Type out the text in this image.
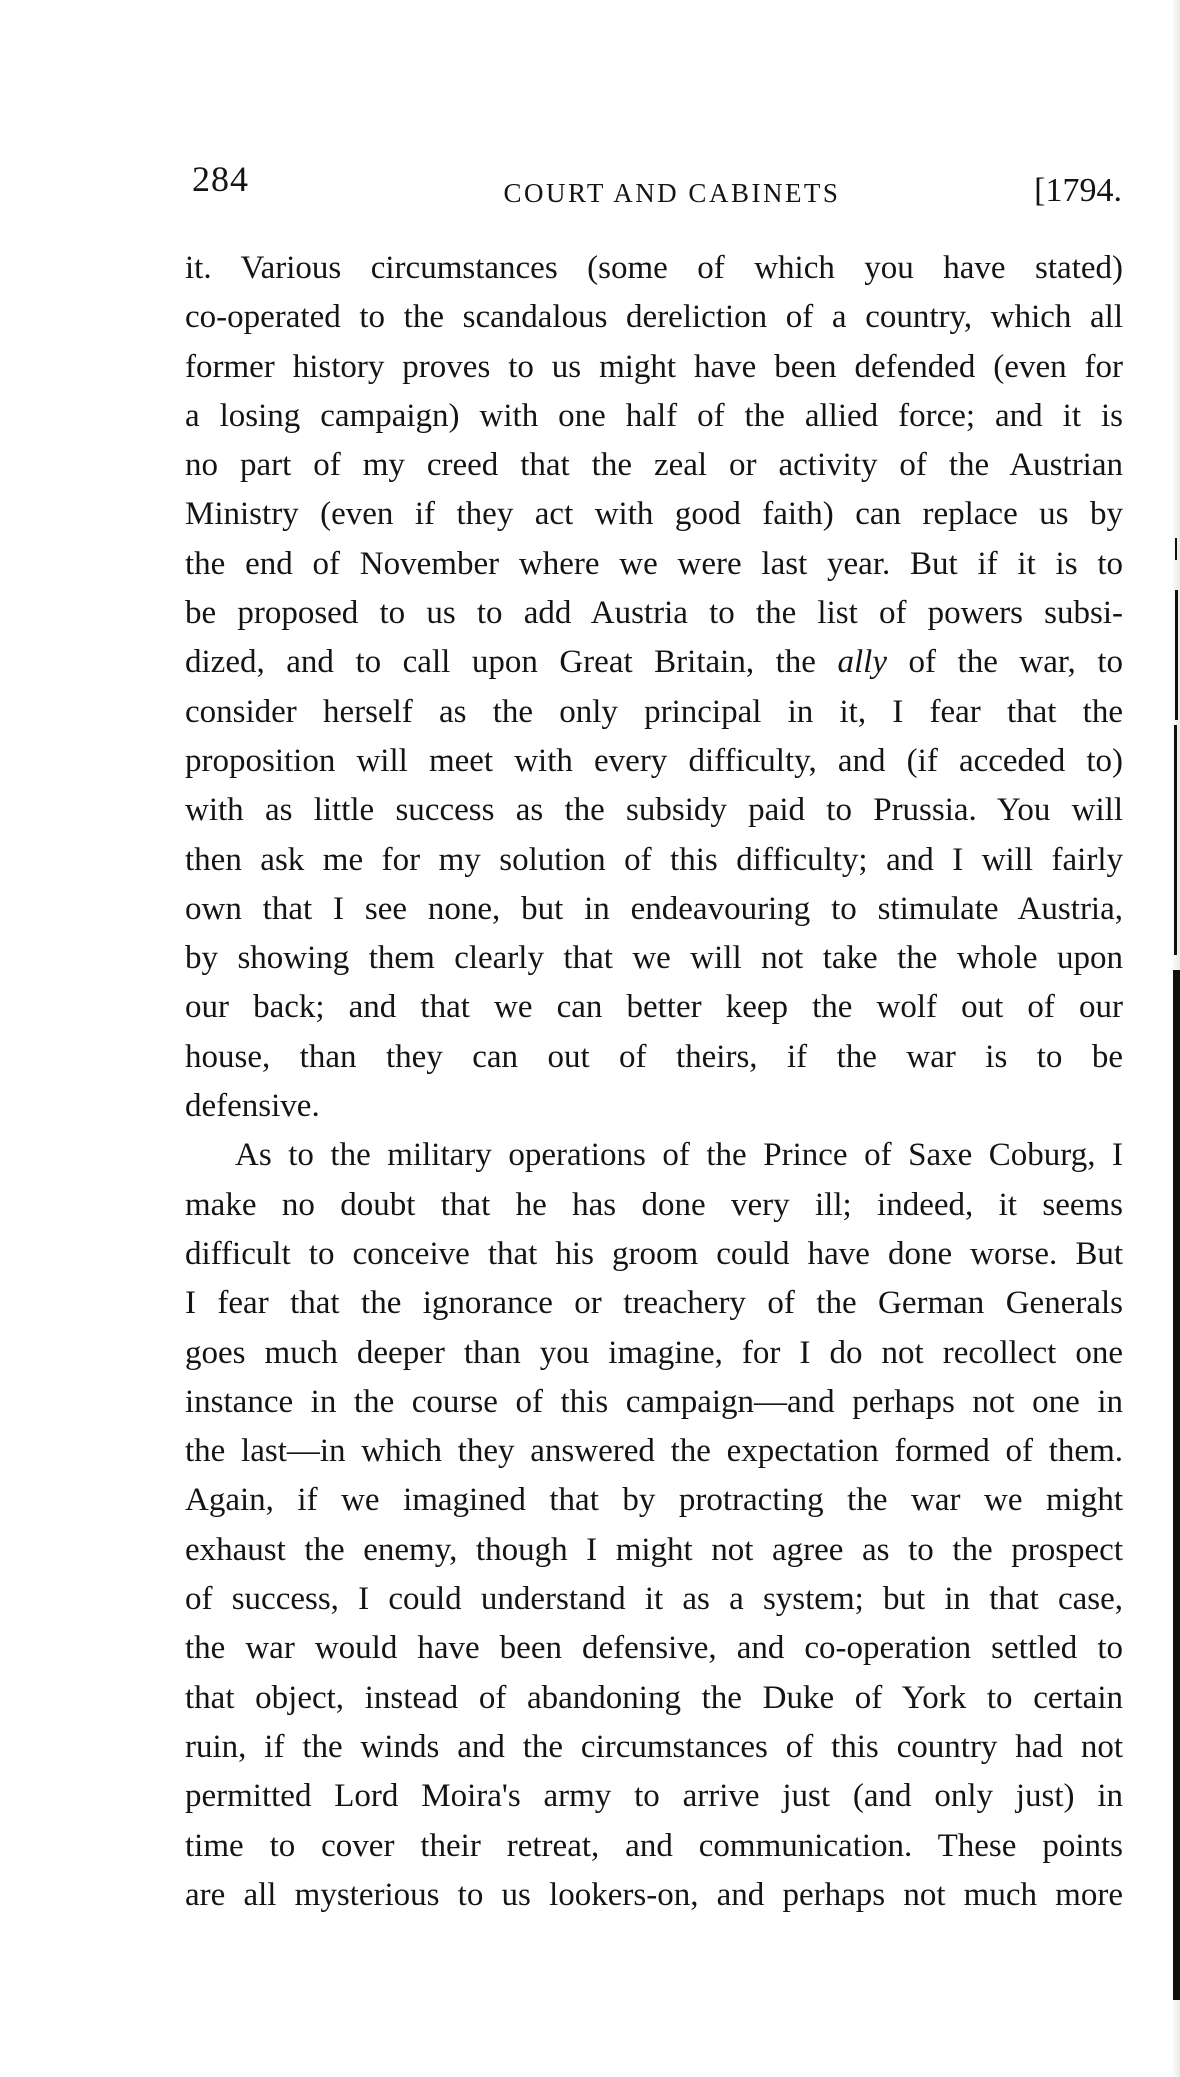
284	COURT AND CABINETS	[1794.
it. Various circumstances (some of which you have stated)
co-operated to the scandalous dereliction of a country, which all
former history proves to us might have been defended (even for
a losing campaign) with one half of the allied force; and it is
no part of my creed that the zeal or activity of the Austrian
Ministry (even if they act with good faith) can replace us by
the end of November where we were last year. But if it is to
be proposed to us to add Austria to the list of powers subsi-
dized, and to call upon Great Britain, the ally of the war, to
consider herself as the only principal in it, I fear that the
proposition will meet with every difficulty, and (if acceded to)
with as little success as the subsidy paid to Prussia. You will
then ask me for my solution of this difficulty; and I will fairly
own that I see none, but in endeavouring to stimulate Austria,
by showing them clearly that we will not take the whole upon
our back; and that we can better keep the wolf out of our
house, than they can out of theirs, if the war is to be
defensive.
As to the military operations of the Prince of Saxe Coburg, I
make no doubt that he has done very ill; indeed, it seems
difficult to conceive that his groom could have done worse. But
I fear that the ignorance or treachery of the German Generals
goes much deeper than you imagine, for I do not recollect one
instance in the course of this campaign—and perhaps not one in
the last—in which they answered the expectation formed of them.
Again, if we imagined that by protracting the war we might
exhaust the enemy, though I might not agree as to the prospect
of success, I could understand it as a system; but in that case,
the war would have been defensive, and co-operation settled to
that object, instead of abandoning the Duke of York to certain
ruin, if the winds and the circumstances of this country had not
permitted Lord Moira's army to arrive just (and only just) in
time to cover their retreat, and communication. These points
are all mysterious to us lookers-on, and perhaps not much more
